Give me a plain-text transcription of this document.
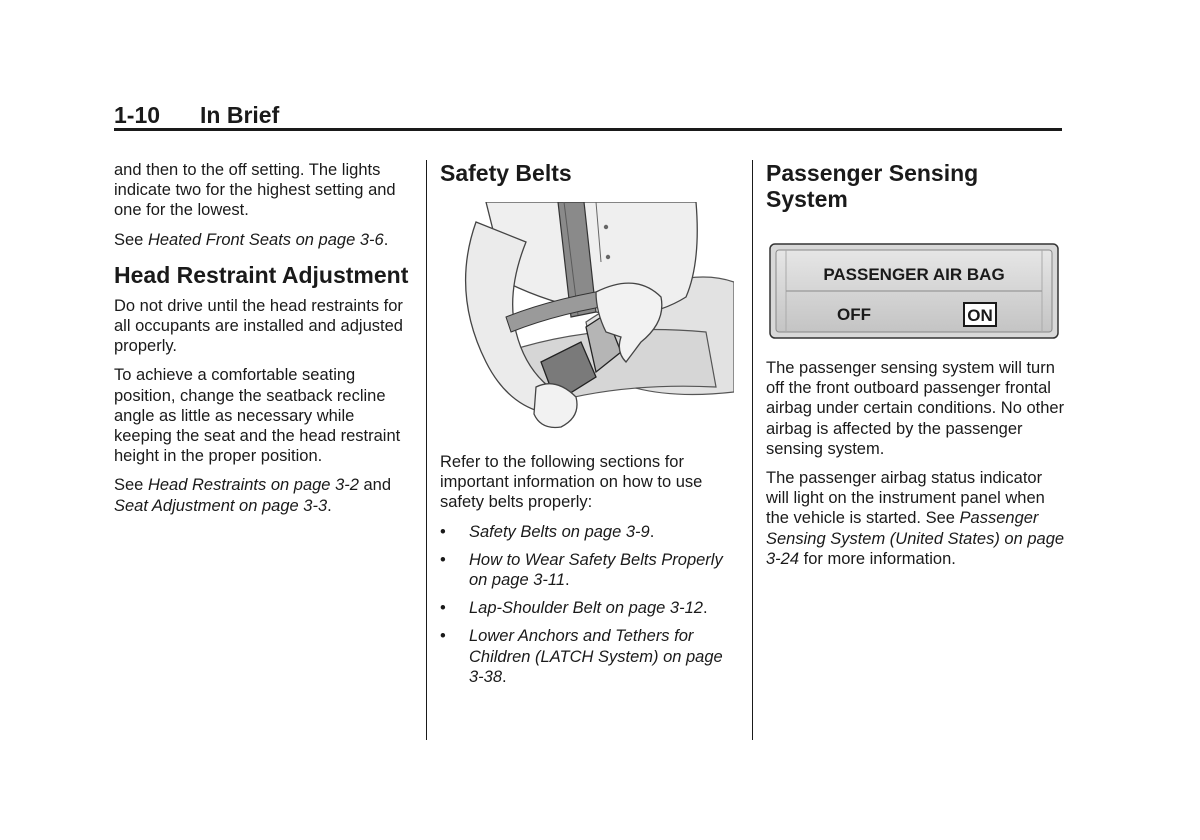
1-10 In Brief

and then to the off setting. The lights indicate two for the highest setting and one for the lowest.

See Heated Front Seats on page 3-6.

Head Restraint Adjustment

Do not drive until the head restraints for all occupants are installed and adjusted properly.

To achieve a comfortable seating position, change the seatback recline angle as little as necessary while keeping the seat and the head restraint height in the proper position.

See Head Restraints on page 3-2 and Seat Adjustment on page 3-3.

Safety Belts

Refer to the following sections for important information on how to use safety belts properly:

• Safety Belts on page 3-9.
• How to Wear Safety Belts Properly on page 3-11.
• Lap-Shoulder Belt on page 3-12.
• Lower Anchors and Tethers for Children (LATCH System) on page 3-38.
Passenger Sensing System
PASSENGER AIR BAG
OFF	ON

The passenger sensing system will turn off the front outboard passenger frontal airbag under certain conditions. No other airbag is affected by the passenger sensing system.

The passenger airbag status indicator will light on the instrument panel when the vehicle is started. See Passenger Sensing System (United States) on page 3-24 for more information.
